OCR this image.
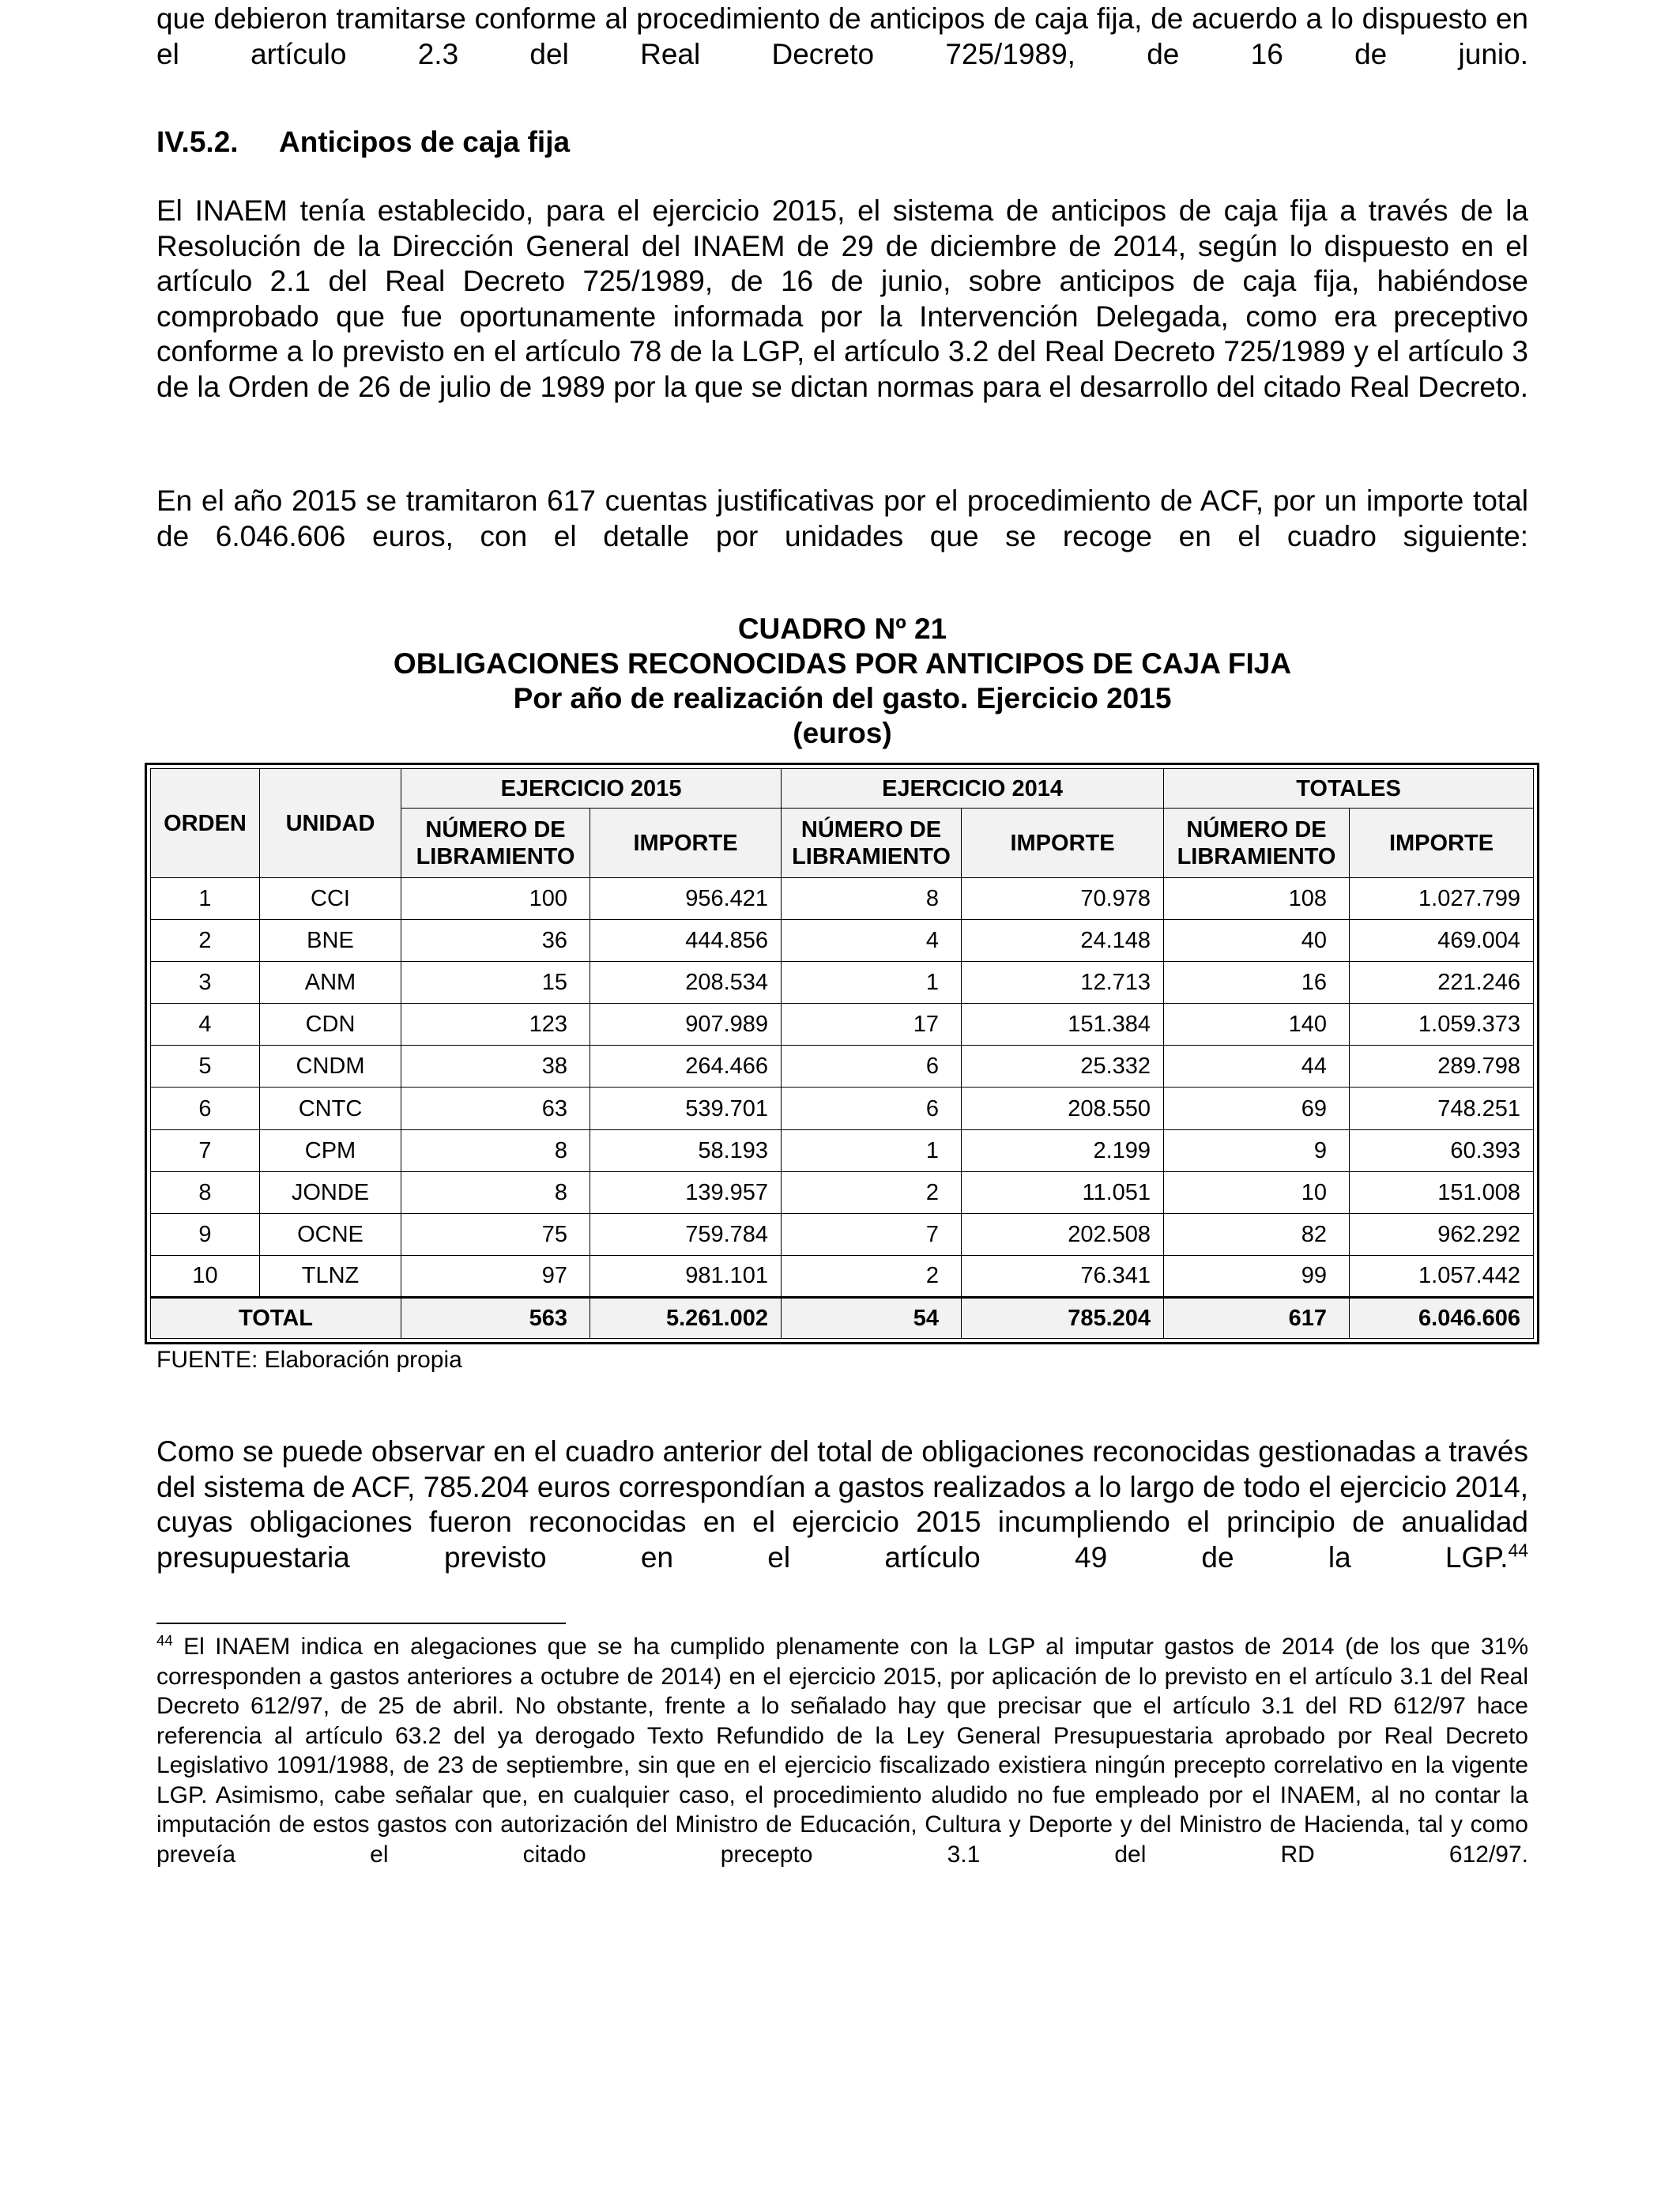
que debieron tramitarse conforme al procedimiento de anticipos de caja fija, de acuerdo a lo dispuesto en el artículo 2.3 del Real Decreto 725/1989, de 16 de junio.

IV.5.2. Anticipos de caja fija

El INAEM tenía establecido, para el ejercicio 2015, el sistema de anticipos de caja fija a través de la Resolución de la Dirección General del INAEM de 29 de diciembre de 2014, según lo dispuesto en el artículo 2.1 del Real Decreto 725/1989, de 16 de junio, sobre anticipos de caja fija, habiéndose comprobado que fue oportunamente informada por la Intervención Delegada, como era preceptivo conforme a lo previsto en el artículo 78 de la LGP, el artículo 3.2 del Real Decreto 725/1989 y el artículo 3 de la Orden de 26 de julio de 1989 por la que se dictan normas para el desarrollo del citado Real Decreto.

En el año 2015 se tramitaron 617 cuentas justificativas por el procedimiento de ACF, por un importe total de 6.046.606 euros, con el detalle por unidades que se recoge en el cuadro siguiente:

CUADRO Nº 21
OBLIGACIONES RECONOCIDAS POR ANTICIPOS DE CAJA FIJA
Por año de realización del gasto. Ejercicio 2015
(euros)
ORDEN	UNIDAD	EJERCICIO 2015		EJERCICIO 2014		TOTALES	
		NÚMERO DE
LIBRAMIENTO	IMPORTE	NÚMERO DE
LIBRAMIENTO	IMPORTE	NÚMERO DE
LIBRAMIENTO	IMPORTE
1	CCI	100	956.421	8	70.978	108	1.027.799
2	BNE	36	444.856	4	24.148	40	469.004
3	ANM	15	208.534	1	12.713	16	221.246
4	CDN	123	907.989	17	151.384	140	1.059.373
5	CNDM	38	264.466	6	25.332	44	289.798
6	CNTC	63	539.701	6	208.550	69	748.251
7	CPM	8	58.193	1	2.199	9	60.393
8	JONDE	8	139.957	2	11.051	10	151.008
9	OCNE	75	759.784	7	202.508	82	962.292
10	TLNZ	97	981.101	2	76.341	99	1.057.442
TOTAL		563	5.261.002	54	785.204	617	6.046.606

FUENTE: Elaboración propia

Como se puede observar en el cuadro anterior del total de obligaciones reconocidas gestionadas a través del sistema de ACF, 785.204 euros correspondían a gastos realizados a lo largo de todo el ejercicio 2014, cuyas obligaciones fueron reconocidas en el ejercicio 2015 incumpliendo el principio de anualidad presupuestaria previsto en el artículo 49 de la LGP.$^{44}$

$^{44}$ El INAEM indica en alegaciones que se ha cumplido plenamente con la LGP al imputar gastos de 2014 (de los que 31% corresponden a gastos anteriores a octubre de 2014) en el ejercicio 2015, por aplicación de lo previsto en el artículo 3.1 del Real Decreto 612/97, de 25 de abril. No obstante, frente a lo señalado hay que precisar que el artículo 3.1 del RD 612/97 hace referencia al artículo 63.2 del ya derogado Texto Refundido de la Ley General Presupuestaria aprobado por Real Decreto Legislativo 1091/1988, de 23 de septiembre, sin que en el ejercicio fiscalizado existiera ningún precepto correlativo en la vigente LGP. Asimismo, cabe señalar que, en cualquier caso, el procedimiento aludido no fue empleado por el INAEM, al no contar la imputación de estos gastos con autorización del Ministro de Educación, Cultura y Deporte y del Ministro de Hacienda, tal y como preveía el citado precepto 3.1 del RD 612/97.
